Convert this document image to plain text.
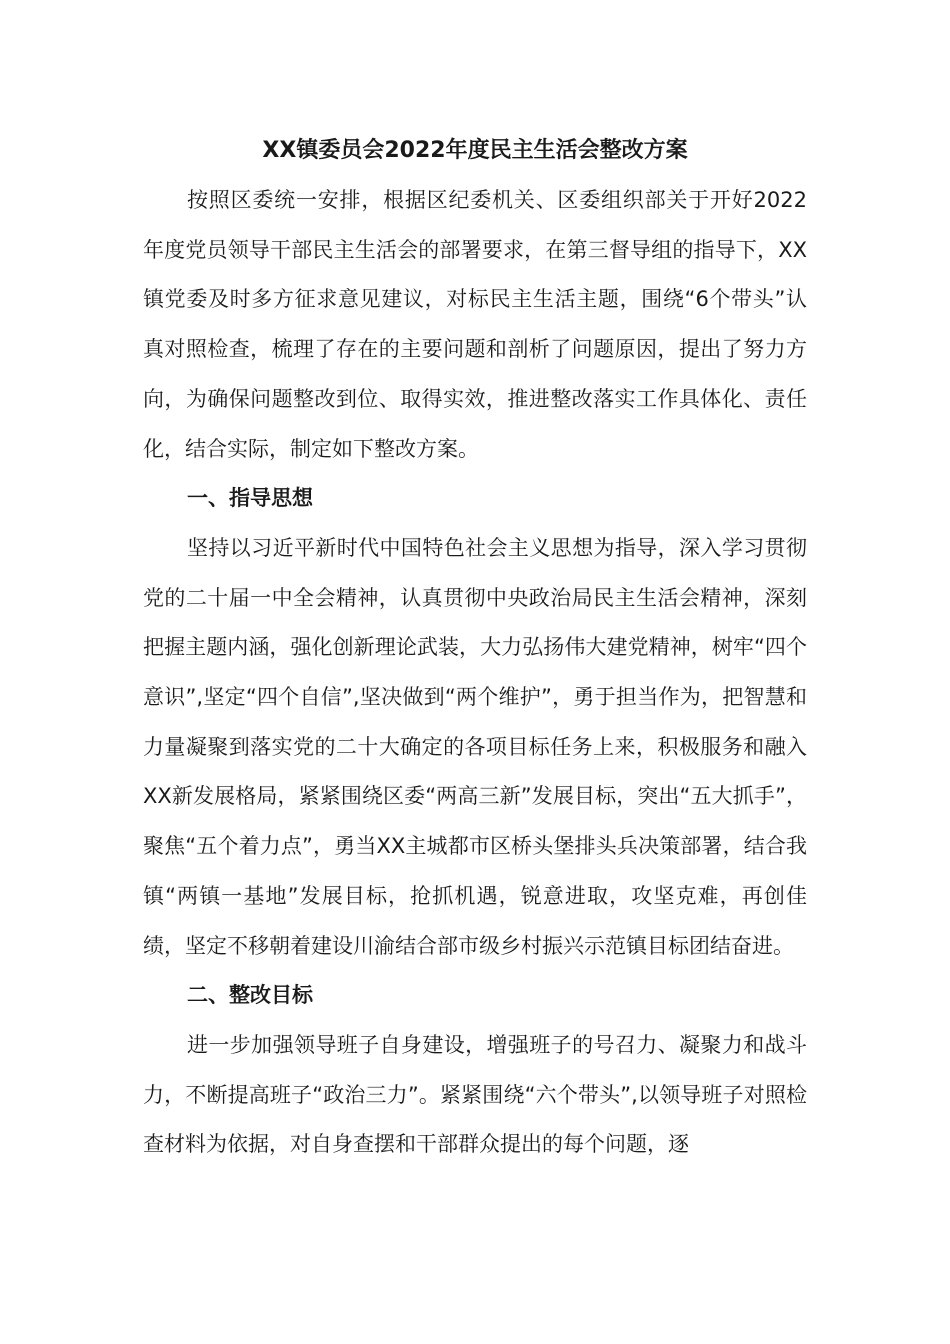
XX镇委员会2022年度民主生活会整改方案

按照区委统一安排，根据区纪委机关、区委组织部关于开好2022年度党员领导干部民主生活会的部署要求，在第三督导组的指导下，XX镇党委及时多方征求意见建议，对标民主生活主题，围绕“6个带头”认真对照检查，梳理了存在的主要问题和剖析了问题原因，提出了努力方向，为确保问题整改到位、取得实效，推进整改落实工作具体化、责任化，结合实际，制定如下整改方案。

一、指导思想

坚持以习近平新时代中国特色社会主义思想为指导，深入学习贯彻党的二十届一中全会精神，认真贯彻中央政治局民主生活会精神，深刻把握主题内涵，强化创新理论武装，大力弘扬伟大建党精神，树牢“四个意识”,坚定“四个自信”,坚决做到“两个维护”，勇于担当作为，把智慧和力量凝聚到落实党的二十大确定的各项目标任务上来，积极服务和融入XX新发展格局，紧紧围绕区委“两高三新”发展目标，突出“五大抓手”，聚焦“五个着力点”，勇当XX主城都市区桥头堡排头兵决策部署，结合我镇“两镇一基地”发展目标，抢抓机遇，锐意进取，攻坚克难，再创佳绩，坚定不移朝着建设川渝结合部市级乡村振兴示范镇目标团结奋进。

二、整改目标

进一步加强领导班子自身建设，增强班子的号召力、凝聚力和战斗力，不断提高班子“政治三力”。紧紧围绕“六个带头”,以领导班子对照检查材料为依据，对自身查摆和干部群众提出的每个问题，逐
